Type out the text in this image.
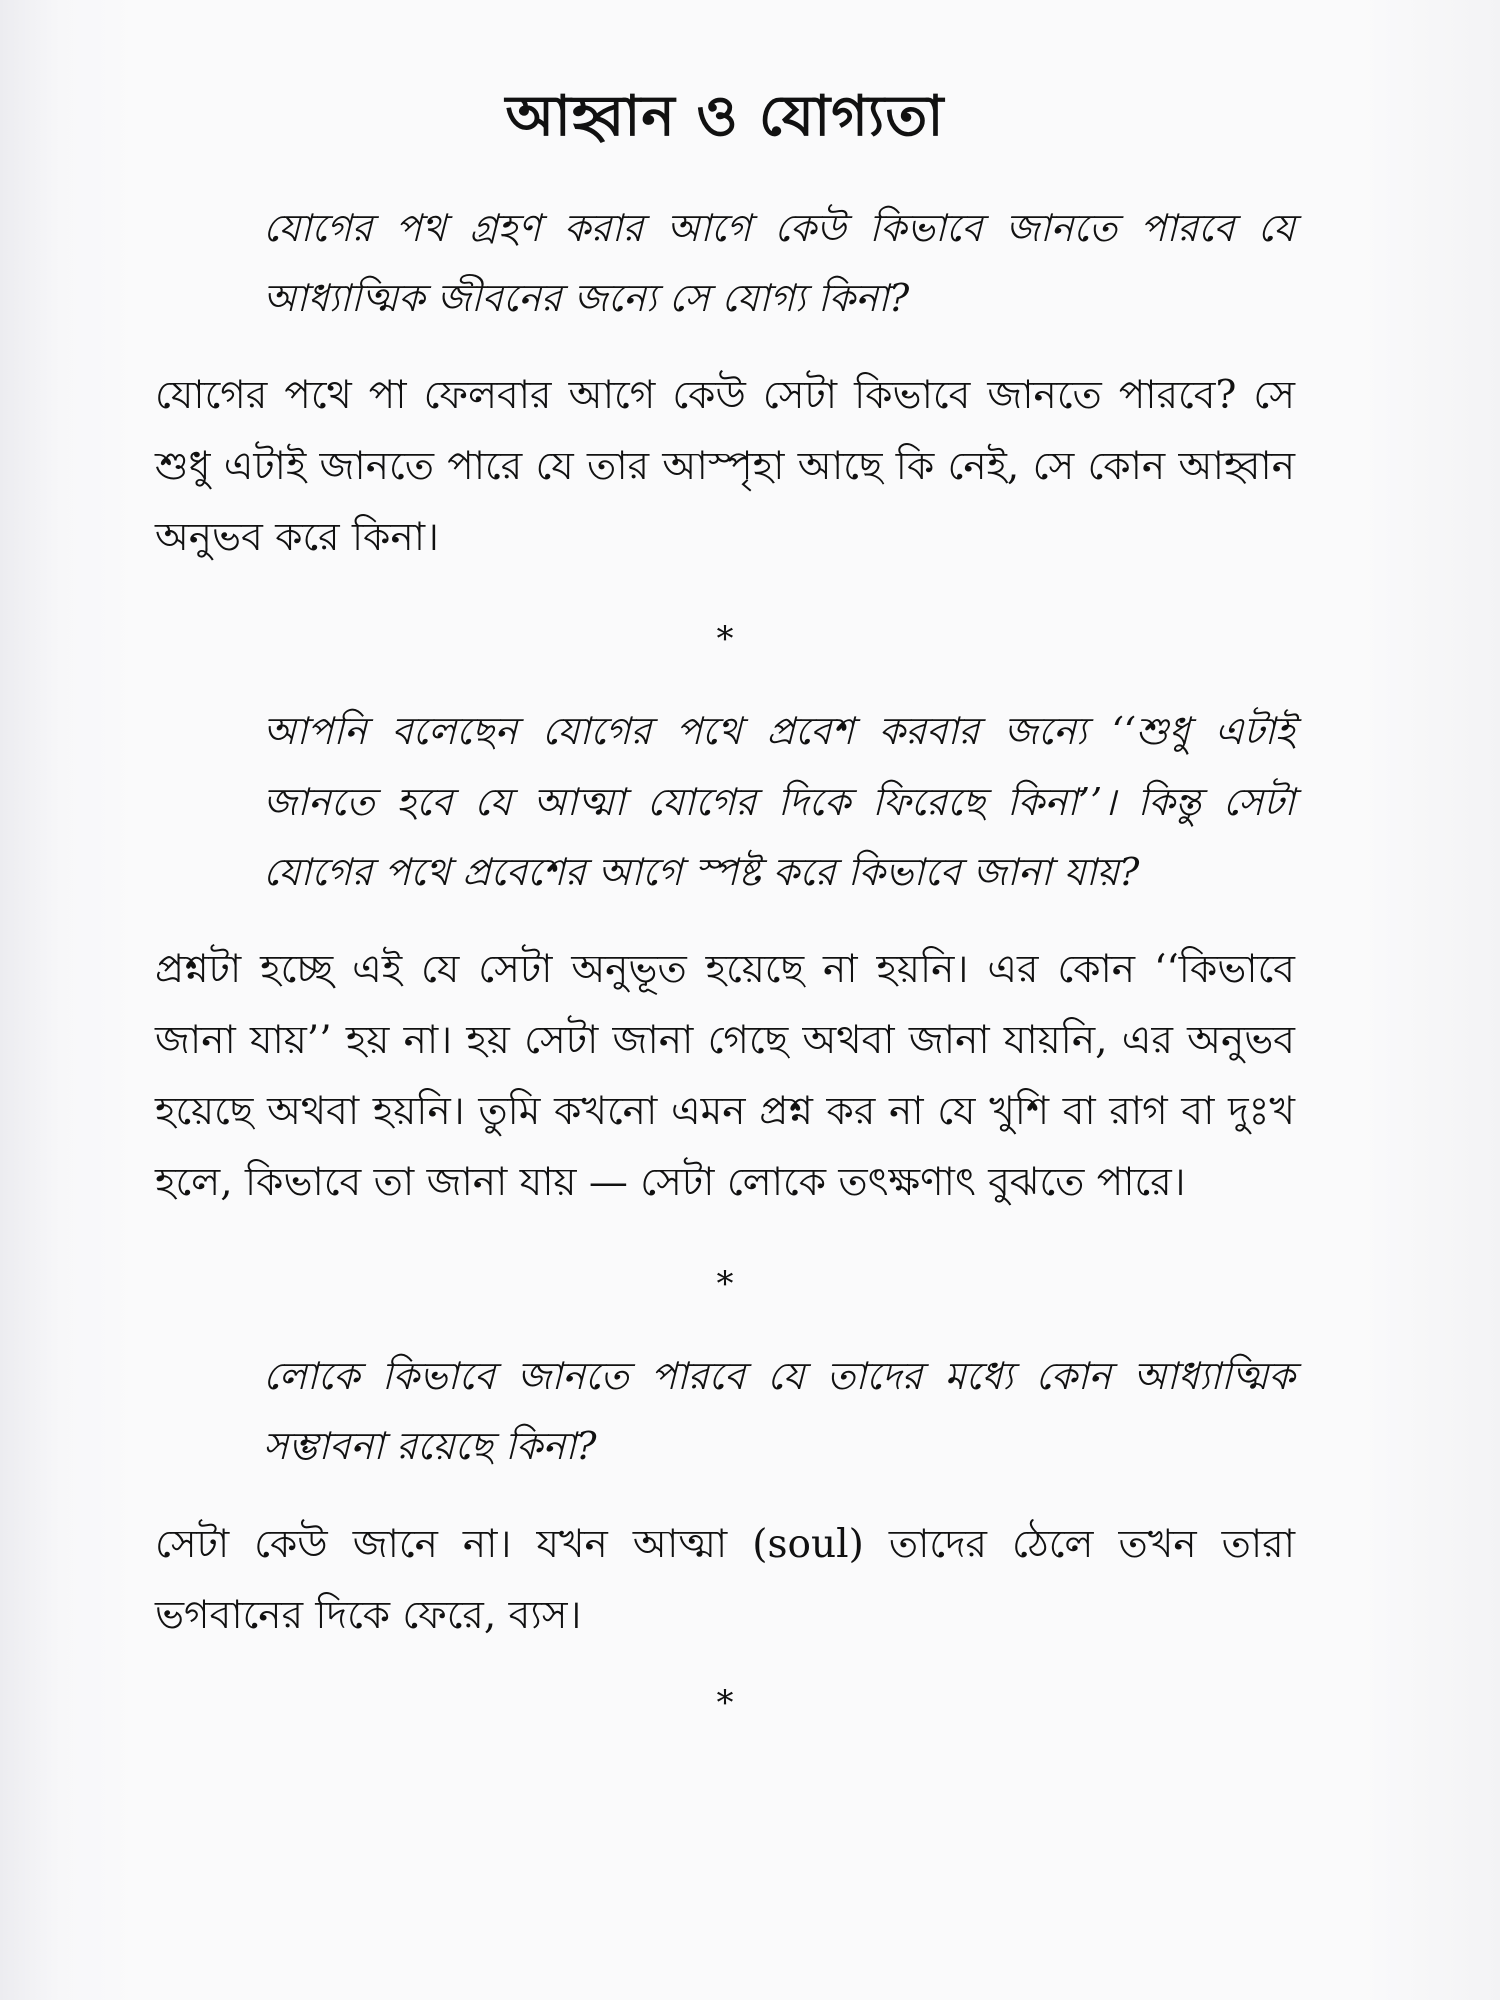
আহ্বান ও যোগ্যতা

যোগের পথ গ্রহণ করার আগে কেউ কিভাবে জানতে পারবে যে আধ্যাত্মিক জীবনের জন্যে সে যোগ্য কিনা?

যোগের পথে পা ফেলবার আগে কেউ সেটা কিভাবে জানতে পারবে? সে শুধু এটাই জানতে পারে যে তার আস্পৃহা আছে কি নেই, সে কোন আহ্বান অনুভব করে কিনা।

*

আপনি বলেছেন যোগের পথে প্রবেশ করবার জন্যে ‘‘শুধু এটাই জানতে হবে যে আত্মা যোগের দিকে ফিরেছে কিনা’’। কিন্তু সেটা যোগের পথে প্রবেশের আগে স্পষ্ট করে কিভাবে জানা যায়?

প্রশ্নটা হচ্ছে এই যে সেটা অনুভূত হয়েছে না হয়নি। এর কোন ‘‘কিভাবে জানা যায়’’ হয় না। হয় সেটা জানা গেছে অথবা জানা যায়নি, এর অনুভব হয়েছে অথবা হয়নি। তুমি কখনো এমন প্রশ্ন কর না যে খুশি বা রাগ বা দুঃখ হলে, কিভাবে তা জানা যায় — সেটা লোকে তৎক্ষণাৎ বুঝতে পারে।

*

লোকে কিভাবে জানতে পারবে যে তাদের মধ্যে কোন আধ্যাত্মিক সম্ভাবনা রয়েছে কিনা?

সেটা কেউ জানে না। যখন আত্মা (soul) তাদের ঠেলে তখন তারা ভগবানের দিকে ফেরে, ব্যস।

*
